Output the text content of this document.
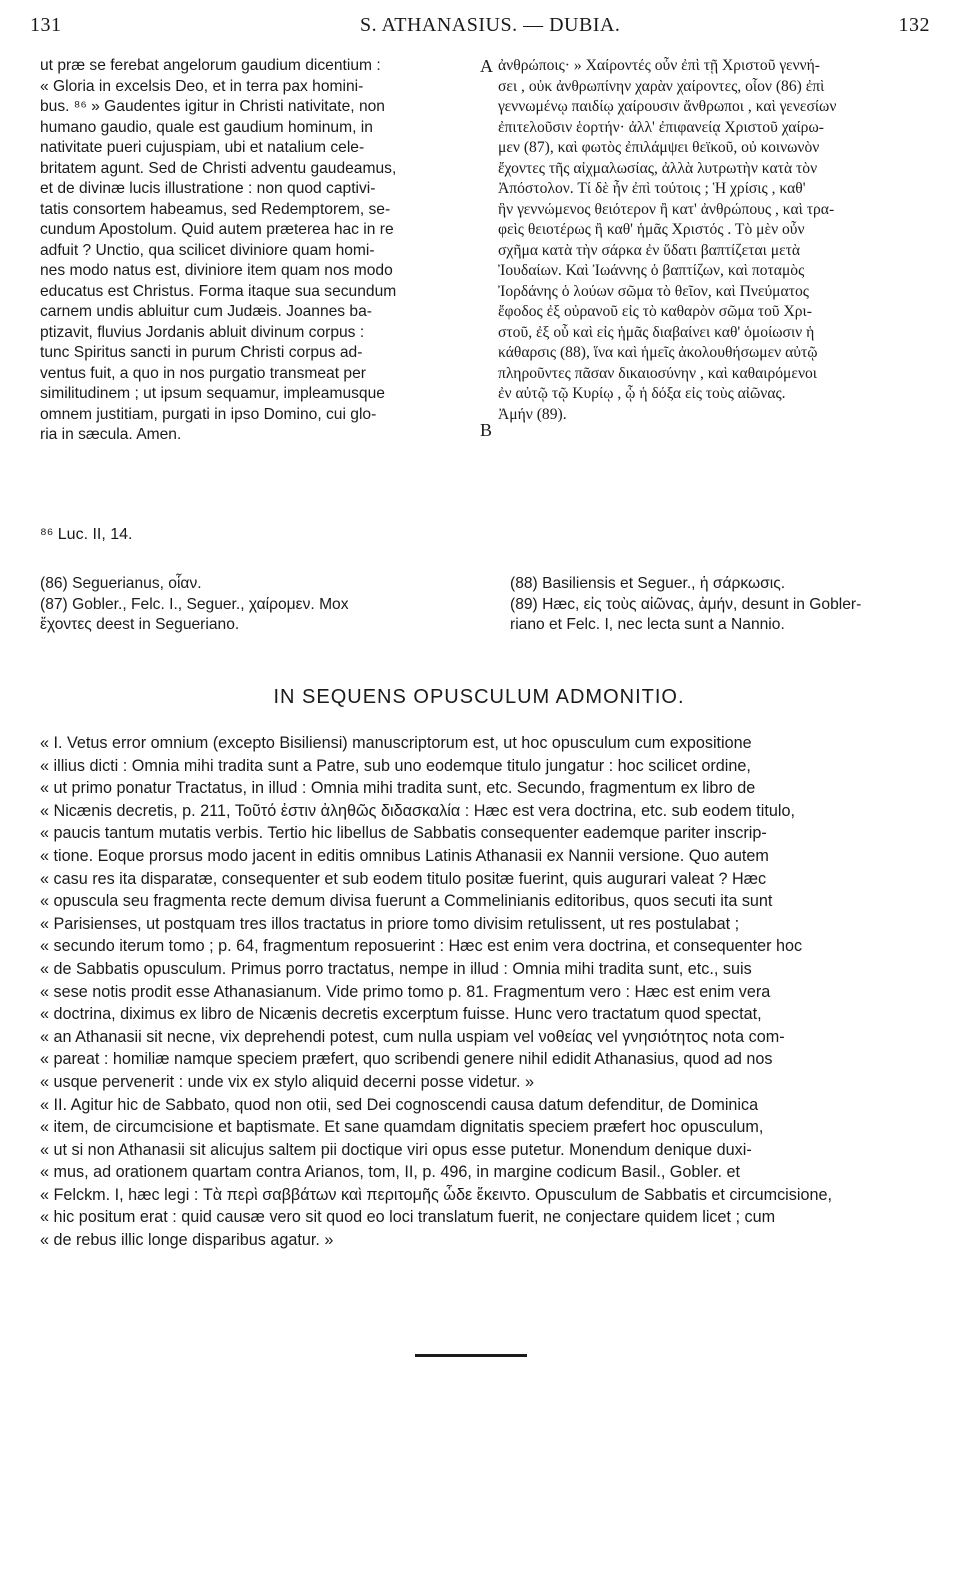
131	S. ATHANASIUS. — DUBIA.	132
A
B
ut præ se ferebat angelorum gaudium dicentium :
« Gloria in excelsis Deo, et in terra pax homini-
bus. ⁸⁶ » Gaudentes igitur in Christi nativitate, non
humano gaudio, quale est gaudium hominum, in
nativitate pueri cujuspiam, ubi et natalium cele-
britatem agunt. Sed de Christi adventu gaudeamus,
et de divinæ lucis illustratione : non quod captivi-
tatis consortem habeamus, sed Redemptorem, se-
cundum Apostolum. Quid autem præterea hac in re
adfuit ? Unctio, qua scilicet diviniore quam homi-
nes modo natus est, diviniore item quam nos modo
educatus est Christus. Forma itaque sua secundum
carnem undis abluitur cum Judæis. Joannes ba-
ptizavit, fluvius Jordanis abluit divinum corpus :
tunc Spiritus sancti in purum Christi corpus ad-
ventus fuit, a quo in nos purgatio transmeat per
similitudinem ; ut ipsum sequamur, impleamusque
omnem justitiam, purgati in ipso Domino, cui glo-
ria in sæcula. Amen.
ἀνθρώποις· » Χαίροντές οὖν ἐπὶ τῇ Χριστοῦ γεννή-
σει , οὐκ ἀνθρωπίνην χαρὰν χαίροντες, οἷον (86) ἐπὶ
γεννωμένῳ παιδίῳ χαίρουσιν ἄνθρωποι , καὶ γενεσίων
ἐπιτελοῦσιν ἑορτήν· ἀλλ' ἐπιφανείᾳ Χριστοῦ χαίρω-
μεν (87), καὶ φωτὸς ἐπιλάμψει θεϊκοῦ, οὐ κοινωνὸν
ἔχοντες τῆς αἰχμαλωσίας, ἀλλὰ λυτρωτὴν κατὰ τὸν
Ἀπόστολον. Τί δὲ ἦν ἐπὶ τούτοις ; Ἡ χρίσις , καθ'
ἣν γεννώμενος θειότερον ἢ κατ' ἀνθρώπους , καὶ τρα-
φεὶς θειοτέρως ἢ καθ' ἡμᾶς Χριστός . Τὸ μὲν οὖν
σχῆμα κατὰ τὴν σάρκα ἐν ὕδατι βαπτίζεται μετὰ
Ἰουδαίων. Καὶ Ἰωάννης ὁ βαπτίζων, καὶ ποταμὸς
Ἰορδάνης ὁ λούων σῶμα τὸ θεῖον, καὶ Πνεύματος
ἔφοδος ἐξ οὐρανοῦ εἰς τὸ καθαρὸν σῶμα τοῦ Χρι-
στοῦ, ἐξ οὗ καὶ εἰς ἡμᾶς διαβαίνει καθ' ὁμοίωσιν ἡ
κάθαρσις (88), ἵνα καὶ ἡμεῖς ἀκολουθήσωμεν αὐτῷ
πληροῦντες πᾶσαν δικαιοσύνην , καὶ καθαιρόμενοι
ἐν αὐτῷ τῷ Κυρίῳ , ᾧ ἡ δόξα εἰς τοὺς αἰῶνας.
Ἀμήν (89).
⁸⁶ Luc. II, 14.
(86) Seguerianus, οἷαν.
(87) Gobler., Felc. I., Seguer., χαίρομεν. Mox
ἔχοντες deest in Segueriano.
(88) Basiliensis et Seguer., ἡ σάρκωσις.
(89) Hæc, εἰς τοὺς αἰῶνας, ἀμήν, desunt in Gobler-
riano et Felc. I, nec lecta sunt a Nannio.
IN SEQUENS OPUSCULUM ADMONITIO.
« I. Vetus error omnium (excepto Bisiliensi) manuscriptorum est, ut hoc opusculum cum expositione
« illius dicti : Omnia mihi tradita sunt a Patre, sub uno eodemque titulo jungatur : hoc scilicet ordine,
« ut primo ponatur Tractatus, in illud : Omnia mihi tradita sunt, etc. Secundo, fragmentum ex libro de
« Nicænis decretis, p. 211, Τοῦτό ἐστιν ἀληθῶς διδασκαλία : Hæc est vera doctrina, etc. sub eodem titulo,
« paucis tantum mutatis verbis. Tertio hic libellus de Sabbatis consequenter eademque pariter inscrip-
« tione. Eoque prorsus modo jacent in editis omnibus Latinis Athanasii ex Nannii versione. Quo autem
« casu res ita disparatæ, consequenter et sub eodem titulo positæ fuerint, quis augurari valeat ? Hæc
« opuscula seu fragmenta recte demum divisa fuerunt a Commelinianis editoribus, quos secuti ita sunt
« Parisienses, ut postquam tres illos tractatus in priore tomo divisim retulissent, ut res postulabat ;
« secundo iterum tomo ; p. 64, fragmentum reposuerint : Hæc est enim vera doctrina, et consequenter hoc
« de Sabbatis opusculum. Primus porro tractatus, nempe in illud : Omnia mihi tradita sunt, etc., suis
« sese notis prodit esse Athanasianum. Vide primo tomo p. 81. Fragmentum vero : Hæc est enim vera
« doctrina, diximus ex libro de Nicænis decretis excerptum fuisse. Hunc vero tractatum quod spectat,
« an Athanasii sit necne, vix deprehendi potest, cum nulla uspiam vel νοθείας vel γνησιότητος nota com-
« pareat : homiliæ namque speciem præfert, quo scribendi genere nihil edidit Athanasius, quod ad nos
« usque pervenerit : unde vix ex stylo aliquid decerni posse videtur. »
« II. Agitur hic de Sabbato, quod non otii, sed Dei cognoscendi causa datum defenditur, de Dominica
« item, de circumcisione et baptismate. Et sane quamdam dignitatis speciem præfert hoc opusculum,
« ut si non Athanasii sit alicujus saltem pii doctique viri opus esse putetur. Monendum denique duxi-
« mus, ad orationem quartam contra Arianos, tom, II, p. 496, in margine codicum Basil., Gobler. et
« Felckm. I, hæc legi : Τὰ περὶ σαββάτων καὶ περιτομῆς ὧδε ἔκειντο. Opusculum de Sabbatis et circumcisione,
« hic positum erat : quid causæ vero sit quod eo loci translatum fuerit, ne conjectare quidem licet ; cum
« de rebus illic longe disparibus agatur. »
